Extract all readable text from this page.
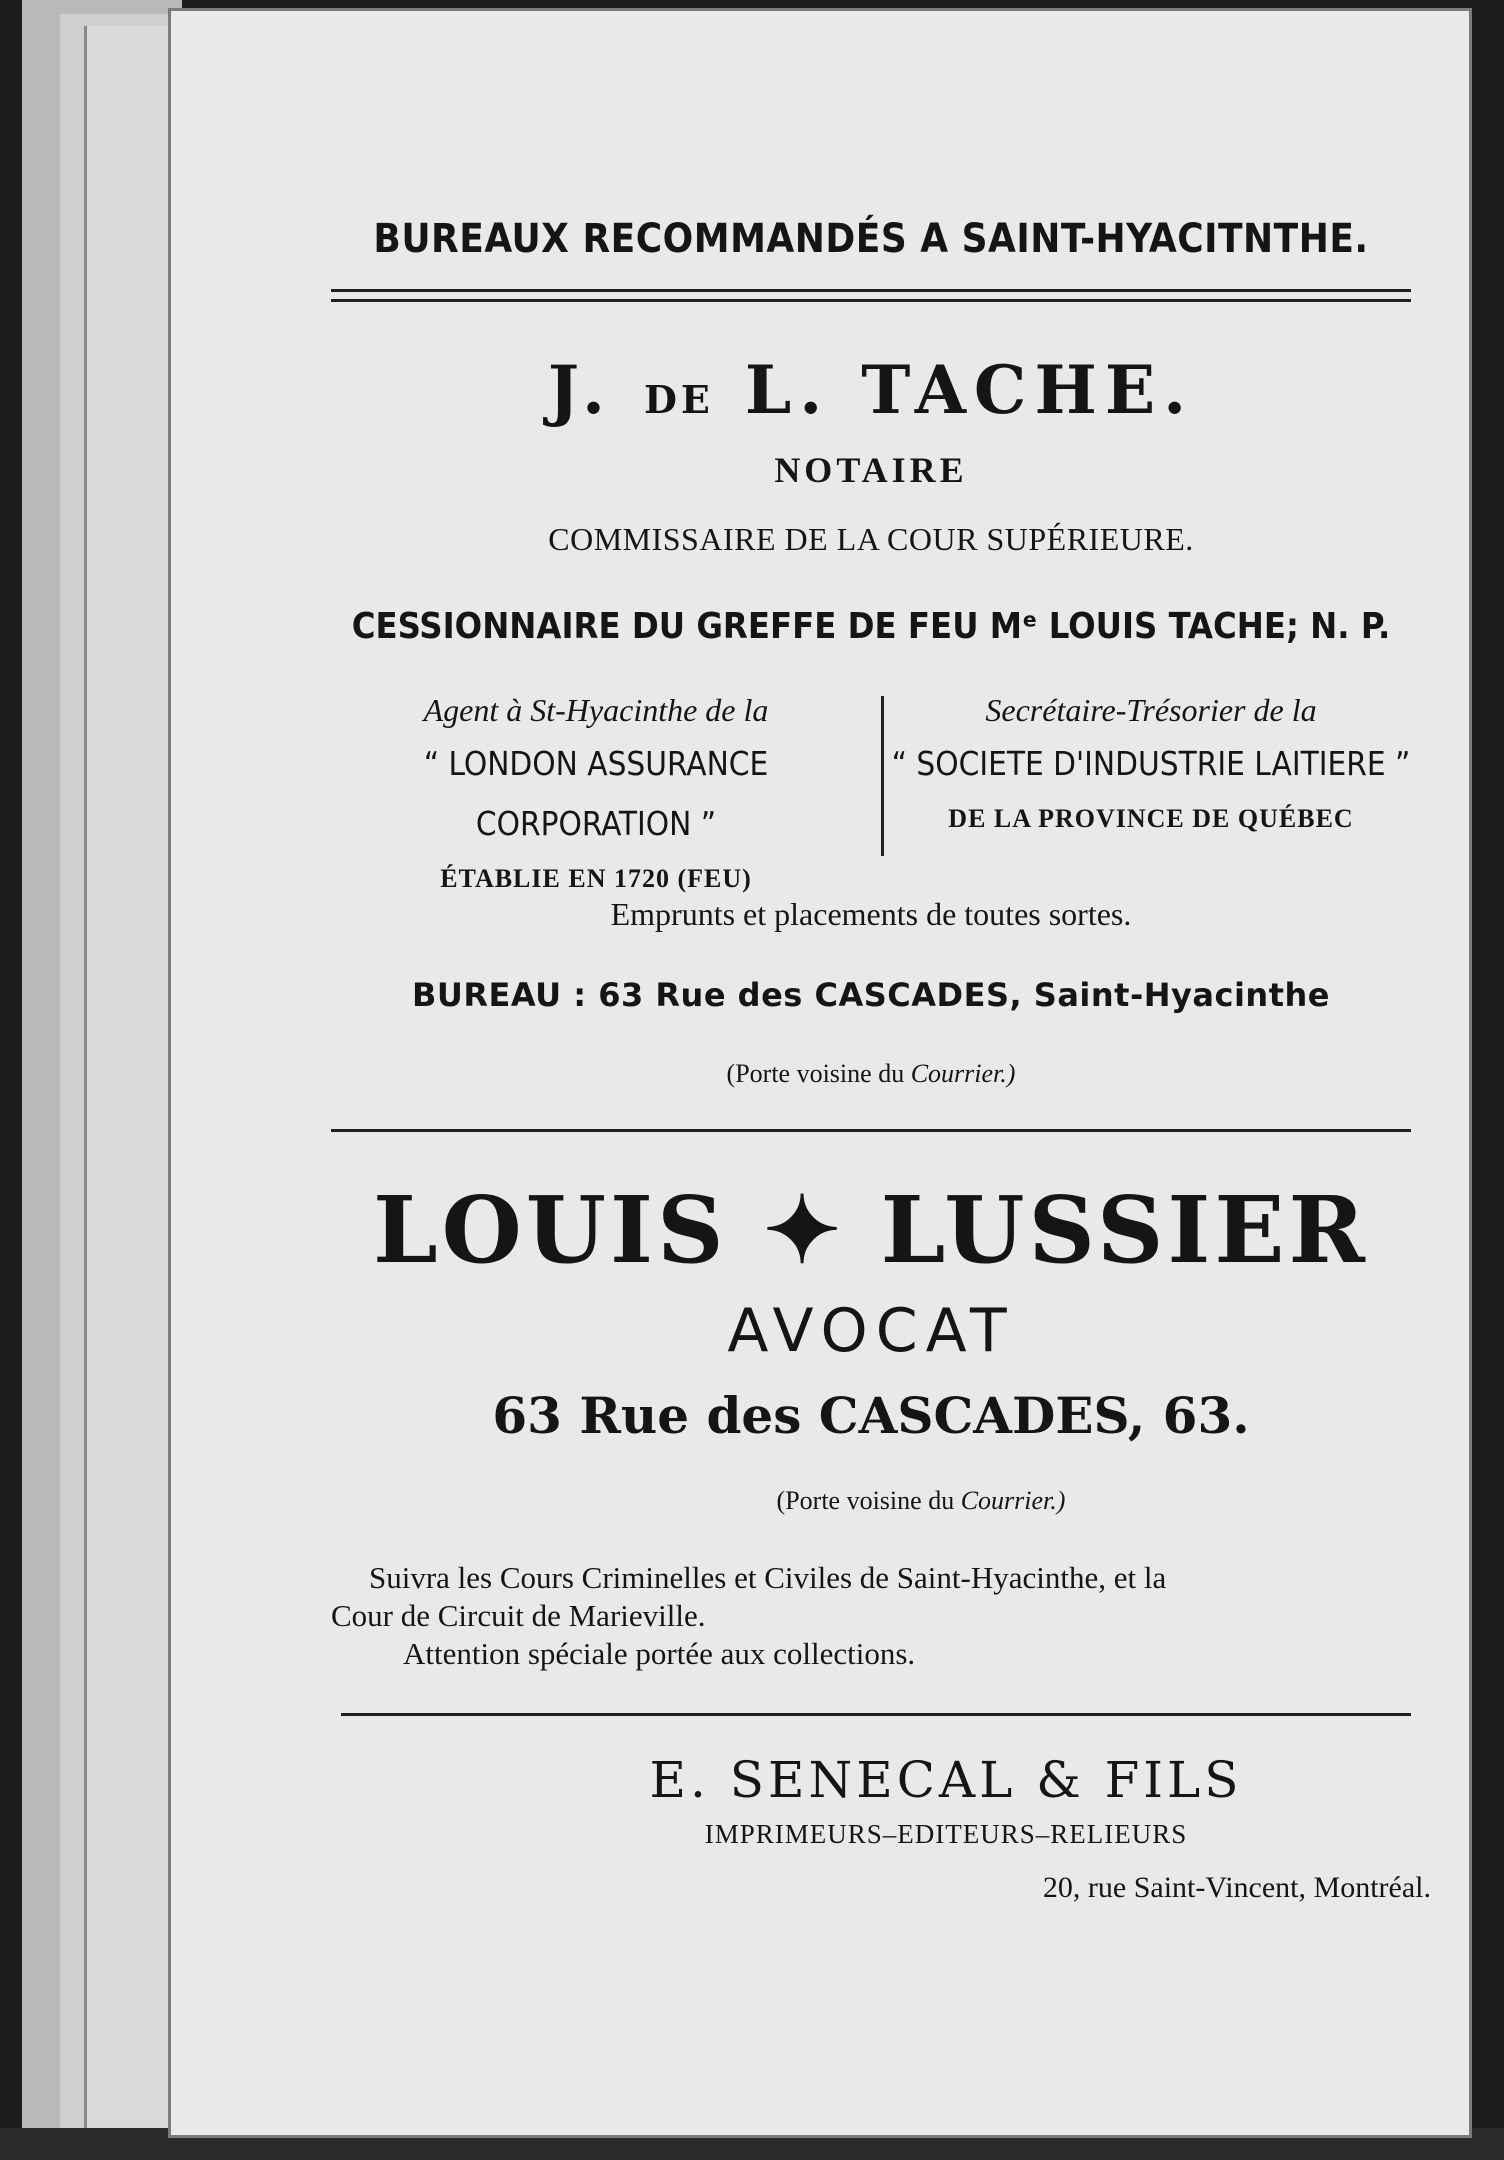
BUREAUX RECOMMANDÉS A SAINT-HYACITNTHE.
J. DE L. TACHE.
NOTAIRE
COMMISSAIRE DE LA COUR SUPÉRIEURE.
CESSIONNAIRE DU GREFFE DE FEU Mᵉ LOUIS TACHE; N. P.
Agent à St-Hyacinthe de la
“ LONDON ASSURANCE CORPORATION ”
ÉTABLIE EN 1720 (FEU)
Secrétaire-Trésorier de la
“ SOCIETE D'INDUSTRIE LAITIERE ”
DE LA PROVINCE DE QUÉBEC
Emprunts et placements de toutes sortes.
BUREAU : 63 Rue des CASCADES, Saint-Hyacinthe
(Porte voisine du Courrier.)
LOUIS ✦ LUSSIER
AVOCAT
63 Rue des CASCADES, 63.
(Porte voisine du Courrier.)
Suivra les Cours Criminelles et Civiles de Saint-Hyacinthe, et la
Cour de Circuit de Marieville.
Attention spéciale portée aux collections.
E. SENECAL & FILS
IMPRIMEURS–EDITEURS–RELIEURS
20, rue Saint-Vincent, Montréal.
